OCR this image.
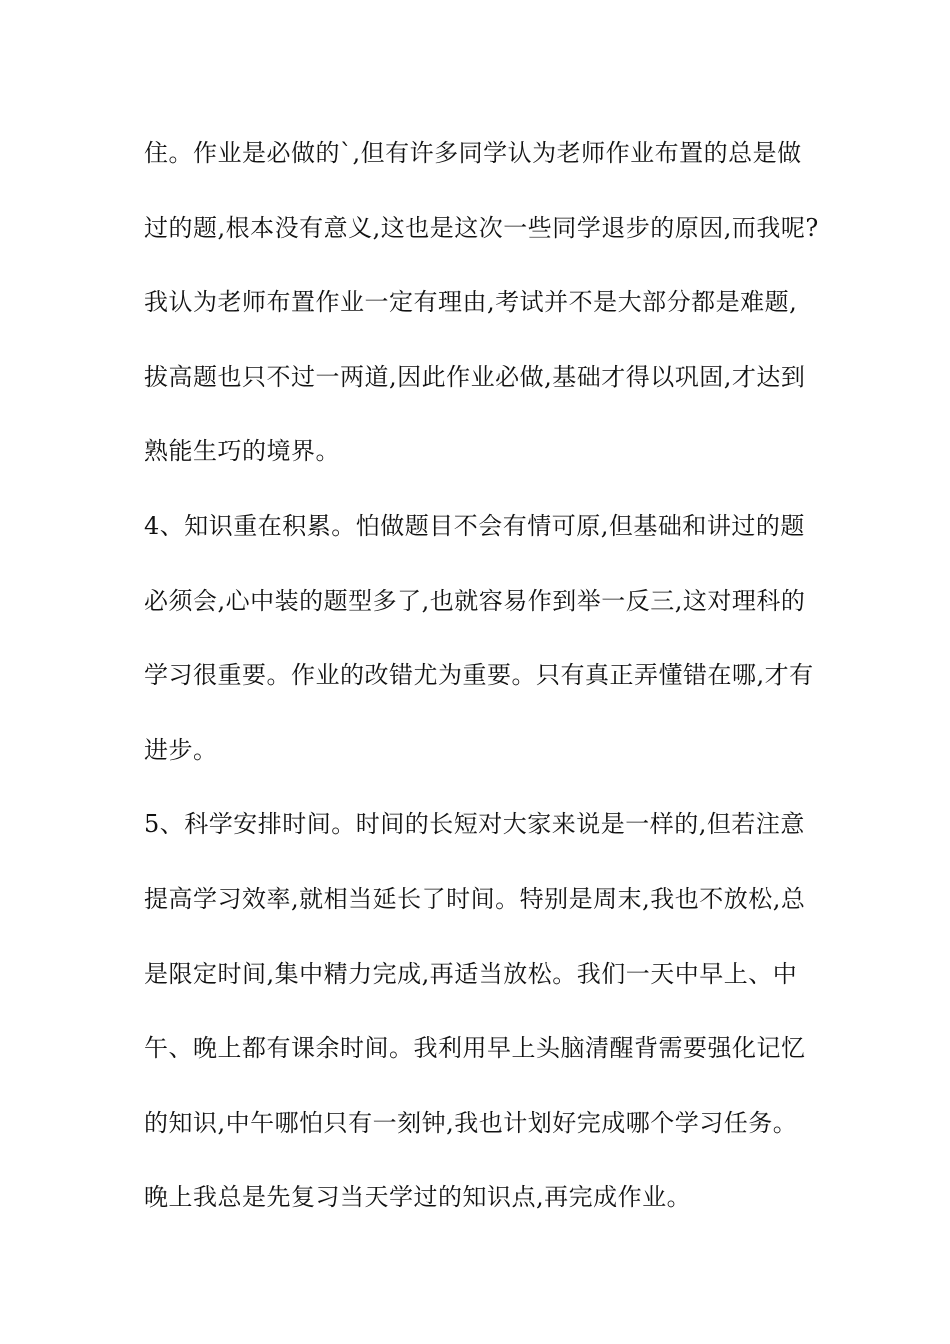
住。作业是必做的`,但有许多同学认为老师作业布置的总是做
过的题,根本没有意义,这也是这次一些同学退步的原因,而我呢?
我认为老师布置作业一定有理由,考试并不是大部分都是难题,
拔高题也只不过一两道,因此作业必做,基础才得以巩固,才达到
熟能生巧的境界。
4、知识重在积累。怕做题目不会有情可原,但基础和讲过的题
必须会,心中装的题型多了,也就容易作到举一反三,这对理科的
学习很重要。作业的改错尤为重要。只有真正弄懂错在哪,才有
进步。
5、科学安排时间。时间的长短对大家来说是一样的,但若注意
提高学习效率,就相当延长了时间。特别是周末,我也不放松,总
是限定时间,集中精力完成,再适当放松。我们一天中早上、中
午、晚上都有课余时间。我利用早上头脑清醒背需要强化记忆
的知识,中午哪怕只有一刻钟,我也计划好完成哪个学习任务。
晚上我总是先复习当天学过的知识点,再完成作业。
